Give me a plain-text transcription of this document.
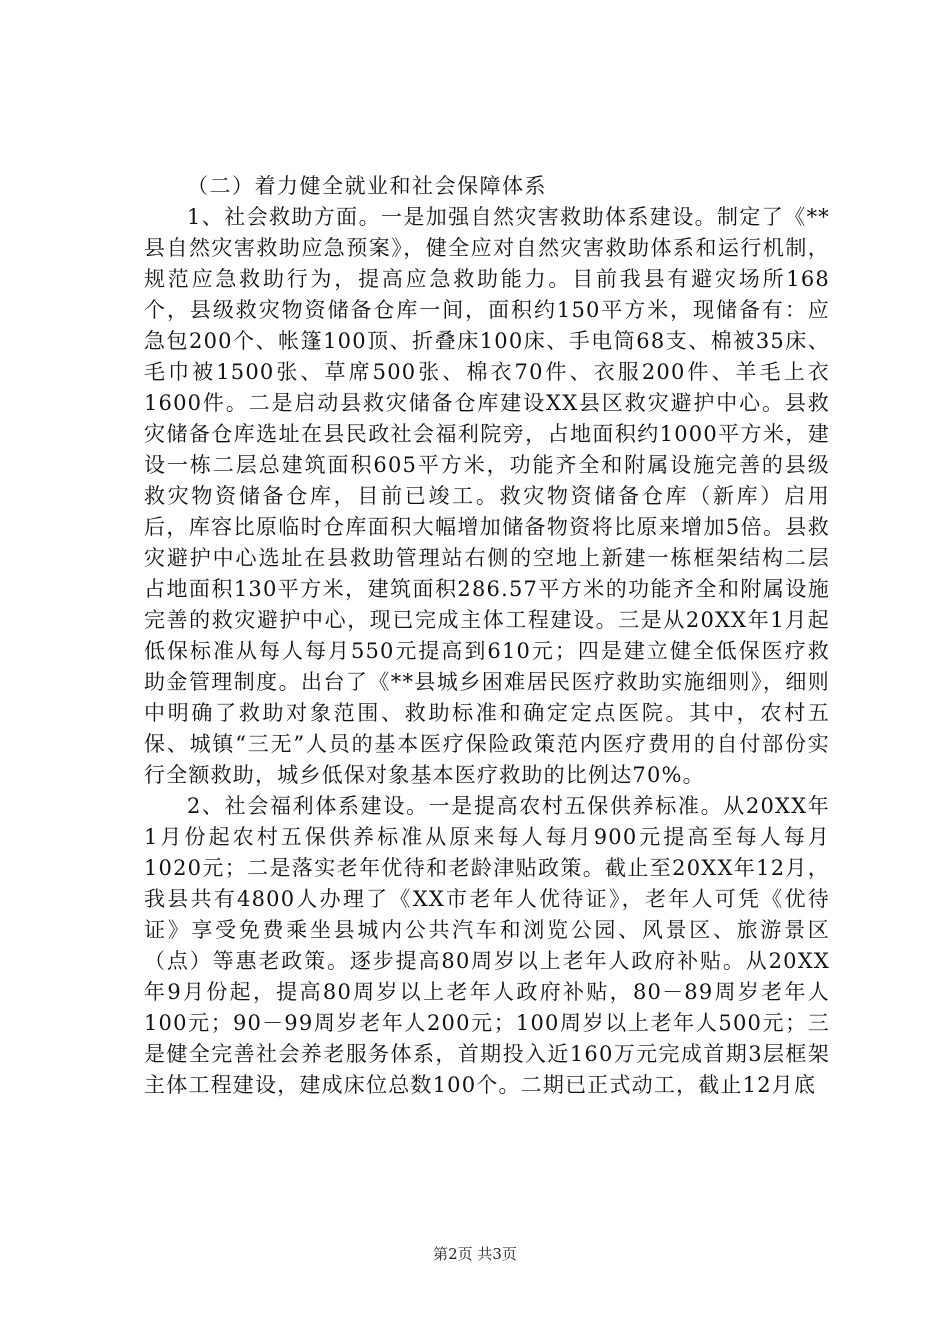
（二）着力健全就业和社会保障体系

1、社会救助方面。一是加强自然灾害救助体系建设。制定了《**县自然灾害救助应急预案》，健全应对自然灾害救助体系和运行机制，规范应急救助行为，提高应急救助能力。目前我县有避灾场所168个，县级救灾物资储备仓库一间，面积约150平方米，现储备有：应急包200个、帐篷100顶、折叠床100床、手电筒68支、棉被35床、毛巾被1500张、草席500张、棉衣70件、衣服200件、羊毛上衣1600件。二是启动县救灾储备仓库建设XX县区救灾避护中心。县救灾储备仓库选址在县民政社会福利院旁，占地面积约1000平方米，建设一栋二层总建筑面积605平方米，功能齐全和附属设施完善的县级救灾物资储备仓库，目前已竣工。救灾物资储备仓库（新库）启用后，库容比原临时仓库面积大幅增加储备物资将比原来增加5倍。县救灾避护中心选址在县救助管理站右侧的空地上新建一栋框架结构二层占地面积130平方米，建筑面积286.57平方米的功能齐全和附属设施完善的救灾避护中心，现已完成主体工程建设。三是从20XX年1月起低保标准从每人每月550元提高到610元；四是建立健全低保医疗救助金管理制度。出台了《**县城乡困难居民医疗救助实施细则》，细则中明确了救助对象范围、救助标准和确定定点医院。其中，农村五保、城镇“三无”人员的基本医疗保险政策范内医疗费用的自付部份实行全额救助，城乡低保对象基本医疗救助的比例达70%。

2、社会福利体系建设。一是提高农村五保供养标准。从20XX年1月份起农村五保供养标准从原来每人每月900元提高至每人每月1020元；二是落实老年优待和老龄津贴政策。截止至20XX年12月，我县共有4800人办理了《XX市老年人优待证》，老年人可凭《优待证》享受免费乘坐县城内公共汽车和浏览公园、风景区、旅游景区（点）等惠老政策。逐步提高80周岁以上老年人政府补贴。从20XX年9月份起，提高80周岁以上老年人政府补贴，80－89周岁老年人100元；90－99周岁老年人200元；100周岁以上老年人500元；三是健全完善社会养老服务体系，首期投入近160万元完成首期3层框架主体工程建设，建成床位总数100个。二期已正式动工，截止12月底

第2页 共3页
